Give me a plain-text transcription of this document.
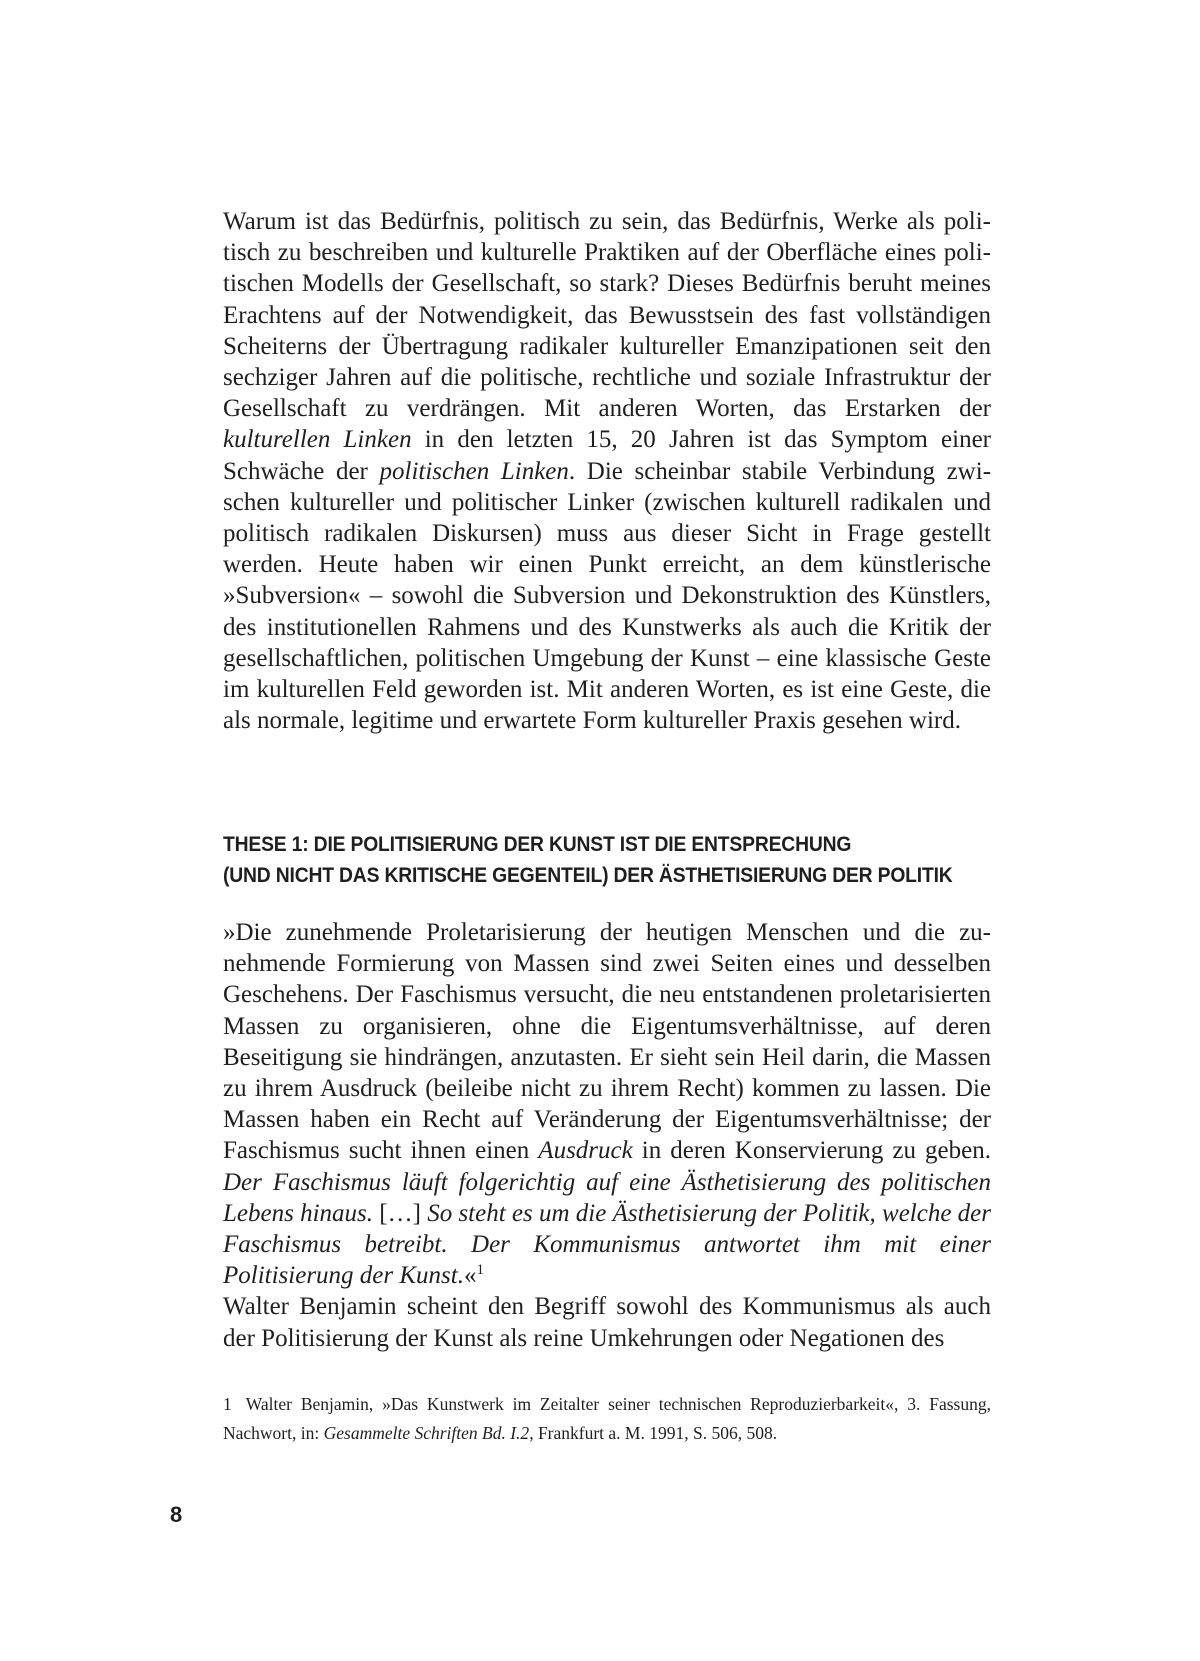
Warum ist das Bedürfnis, politisch zu sein, das Bedürfnis, Werke als politisch zu beschreiben und kulturelle Praktiken auf der Oberfläche eines politischen Modells der Gesellschaft, so stark? Dieses Bedürfnis beruht meines Erachtens auf der Notwendigkeit, das Bewusstsein des fast vollständigen Scheiterns der Übertragung radikaler kultureller Emanzipationen seit den sechziger Jahren auf die politische, rechtliche und soziale Infrastruktur der Gesellschaft zu verdrängen. Mit anderen Worten, das Erstarken der kulturellen Linken in den letzten 15, 20 Jahren ist das Symptom einer Schwäche der politischen Linken. Die scheinbar stabile Verbindung zwischen kultureller und politischer Linker (zwischen kulturell radikalen und politisch radikalen Diskursen) muss aus dieser Sicht in Frage gestellt werden. Heute haben wir einen Punkt erreicht, an dem künstlerische »Subversion« – sowohl die Subversion und Dekonstruktion des Künstlers, des institutionellen Rahmens und des Kunstwerks als auch die Kritik der gesellschaftlichen, politischen Umgebung der Kunst – eine klassische Geste im kulturellen Feld geworden ist. Mit anderen Worten, es ist eine Geste, die als normale, legitime und erwartete Form kultureller Praxis gesehen wird.

THESE 1: DIE POLITISIERUNG DER KUNST IST DIE ENTSPRECHUNG
(UND NICHT DAS KRITISCHE GEGENTEIL) DER ÄSTHETISIERUNG DER POLITIK

»Die zunehmende Proletarisierung der heutigen Menschen und die zunehmende Formierung von Massen sind zwei Seiten eines und desselben Geschehens. Der Faschismus versucht, die neu entstandenen proletarisierten Massen zu organisieren, ohne die Eigentumsverhältnisse, auf deren Beseitigung sie hindrängen, anzutasten. Er sieht sein Heil darin, die Massen zu ihrem Ausdruck (beileibe nicht zu ihrem Recht) kommen zu lassen. Die Massen haben ein Recht auf Veränderung der Eigentumsverhältnisse; der Faschismus sucht ihnen einen Ausdruck in deren Konservierung zu geben. Der Faschismus läuft folgerichtig auf eine Ästhetisierung des politischen Lebens hinaus. […] So steht es um die Ästhetisierung der Politik, welche der Faschismus betreibt. Der Kommunismus antwortet ihm mit einer Politisierung der Kunst.«$^1$

Walter Benjamin scheint den Begriff sowohl des Kommunismus als auch der Politisierung der Kunst als reine Umkehrungen oder Negationen des

1 Walter Benjamin, »Das Kunstwerk im Zeitalter seiner technischen Reproduzierbarkeit«, 3. Fassung, Nachwort, in: Gesammelte Schriften Bd. I.2, Frankfurt a. M. 1991, S. 506, 508.

8
